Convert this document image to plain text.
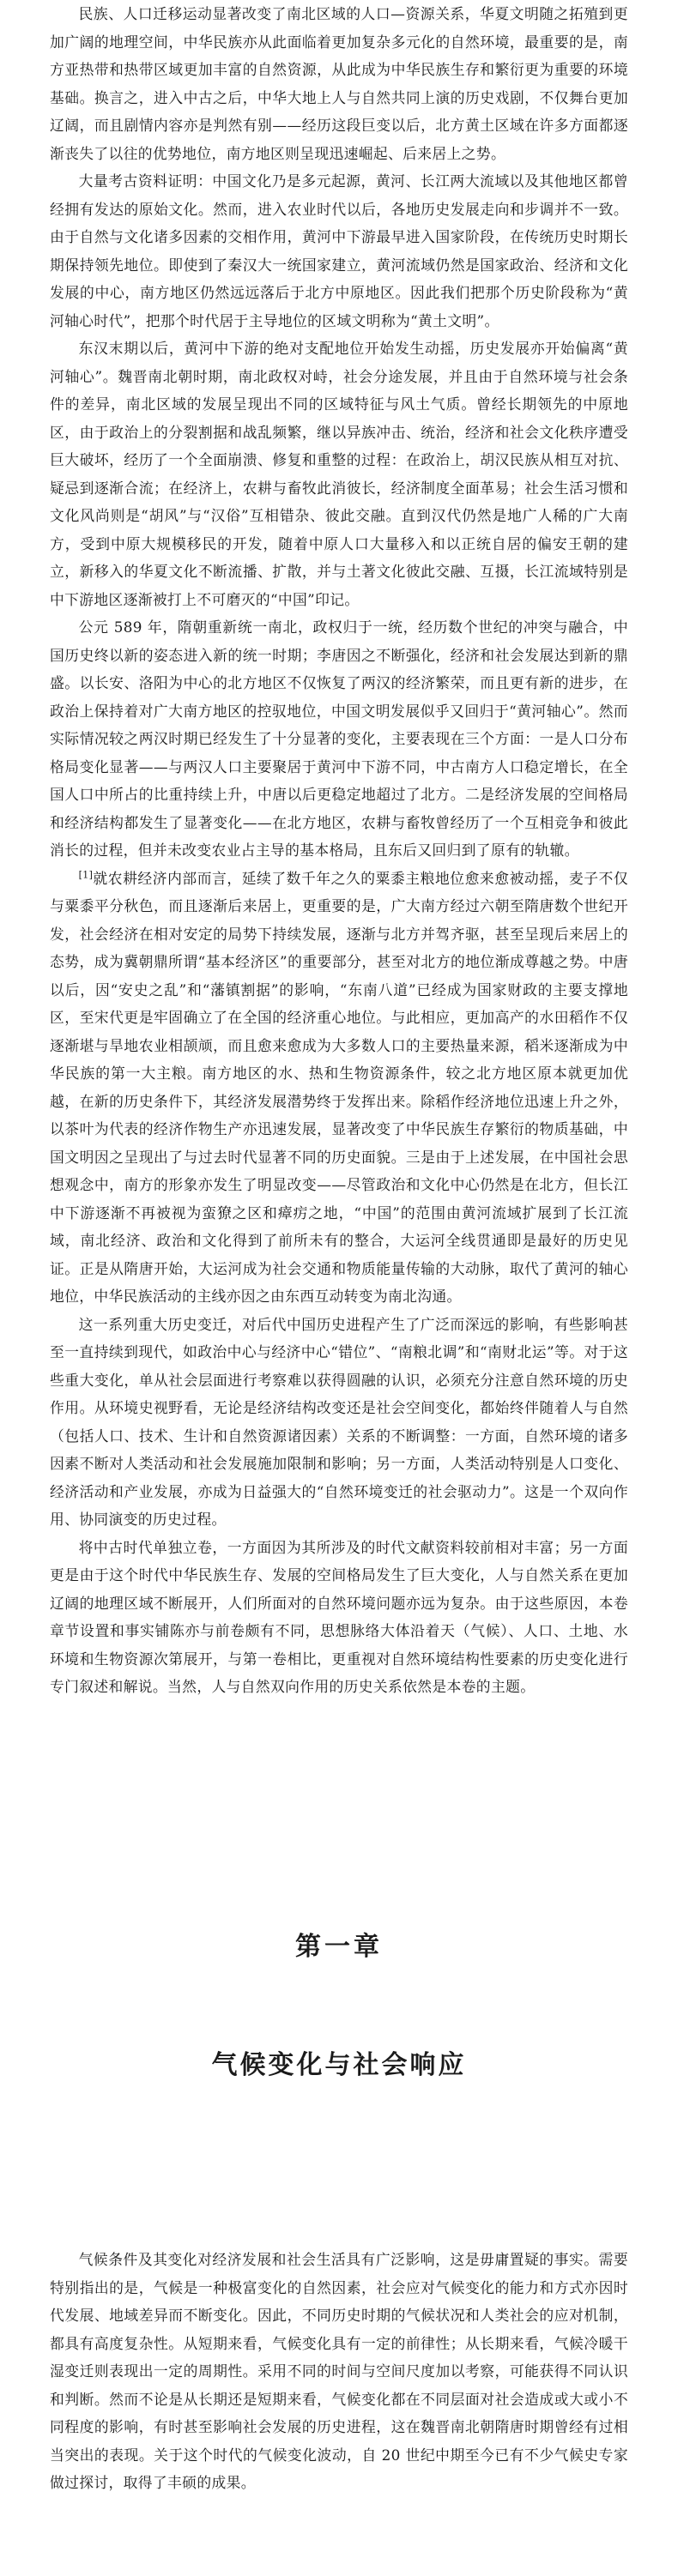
民族、人口迁移运动显著改变了南北区域的人口—资源关系，华夏文明随之拓殖到更加广阔的地理空间，中华民族亦从此面临着更加复杂多元化的自然环境，最重要的是，南方亚热带和热带区域更加丰富的自然资源，从此成为中华民族生存和繁衍更为重要的环境基础。换言之，进入中古之后，中华大地上人与自然共同上演的历史戏剧，不仅舞台更加辽阔，而且剧情内容亦是判然有别——经历这段巨变以后，北方黄土区域在许多方面都逐渐丧失了以往的优势地位，南方地区则呈现迅速崛起、后来居上之势。

大量考古资料证明：中国文化乃是多元起源，黄河、长江两大流域以及其他地区都曾经拥有发达的原始文化。然而，进入农业时代以后，各地历史发展走向和步调并不一致。由于自然与文化诸多因素的交相作用，黄河中下游最早进入国家阶段，在传统历史时期长期保持领先地位。即使到了秦汉大一统国家建立，黄河流域仍然是国家政治、经济和文化发展的中心，南方地区仍然远远落后于北方中原地区。因此我们把那个历史阶段称为“黄河轴心时代”，把那个时代居于主导地位的区域文明称为“黄土文明”。

东汉末期以后，黄河中下游的绝对支配地位开始发生动摇，历史发展亦开始偏离“黄河轴心”。魏晋南北朝时期，南北政权对峙，社会分途发展，并且由于自然环境与社会条件的差异，南北区域的发展呈现出不同的区域特征与风土气质。曾经长期领先的中原地区，由于政治上的分裂割据和战乱频繁，继以异族冲击、统治，经济和社会文化秩序遭受巨大破坏，经历了一个全面崩溃、修复和重整的过程：在政治上，胡汉民族从相互对抗、疑忌到逐渐合流；在经济上，农耕与畜牧此消彼长，经济制度全面革易；社会生活习惯和文化风尚则是“胡风”与“汉俗”互相错杂、彼此交融。直到汉代仍然是地广人稀的广大南方，受到中原大规模移民的开发，随着中原人口大量移入和以正统自居的偏安王朝的建立，新移入的华夏文化不断流播、扩散，并与土著文化彼此交融、互摄，长江流域特别是中下游地区逐渐被打上不可磨灭的“中国”印记。

公元 589 年，隋朝重新统一南北，政权归于一统，经历数个世纪的冲突与融合，中国历史终以新的姿态进入新的统一时期；李唐因之不断强化，经济和社会发展达到新的鼎盛。以长安、洛阳为中心的北方地区不仅恢复了两汉的经济繁荣，而且更有新的进步，在政治上保持着对广大南方地区的控驭地位，中国文明发展似乎又回归于“黄河轴心”。然而实际情况较之两汉时期已经发生了十分显著的变化，主要表现在三个方面：一是人口分布格局变化显著——与两汉人口主要聚居于黄河中下游不同，中古南方人口稳定增长，在全国人口中所占的比重持续上升，中唐以后更稳定地超过了北方。二是经济发展的空间格局和经济结构都发生了显著变化——在北方地区，农耕与畜牧曾经历了一个互相竞争和彼此消长的过程，但并未改变农业占主导的基本格局，且东后又回归到了原有的轨辙。

[1]就农耕经济内部而言，延续了数千年之久的粟黍主粮地位愈来愈被动摇，麦子不仅与粟黍平分秋色，而且逐渐后来居上，更重要的是，广大南方经过六朝至隋唐数个世纪开发，社会经济在相对安定的局势下持续发展，逐渐与北方并驾齐驱，甚至呈现后来居上的态势，成为冀朝鼎所谓“基本经济区”的重要部分，甚至对北方的地位渐成尊越之势。中唐以后，因“安史之乱”和“藩镇割据”的影响，“东南八道”已经成为国家财政的主要支撑地区，至宋代更是牢固确立了在全国的经济重心地位。与此相应，更加高产的水田稻作不仅逐渐堪与旱地农业相颉颃，而且愈来愈成为大多数人口的主要热量来源，稻米逐渐成为中华民族的第一大主粮。南方地区的水、热和生物资源条件，较之北方地区原本就更加优越，在新的历史条件下，其经济发展潜势终于发挥出来。除稻作经济地位迅速上升之外，以茶叶为代表的经济作物生产亦迅速发展，显著改变了中华民族生存繁衍的物质基础，中国文明因之呈现出了与过去时代显著不同的历史面貌。三是由于上述发展，在中国社会思想观念中，南方的形象亦发生了明显改变——尽管政治和文化中心仍然是在北方，但长江中下游逐渐不再被视为蛮獠之区和瘴疠之地，“中国”的范围由黄河流域扩展到了长江流域，南北经济、政治和文化得到了前所未有的整合，大运河全线贯通即是最好的历史见证。正是从隋唐开始，大运河成为社会交通和物质能量传输的大动脉，取代了黄河的轴心地位，中华民族活动的主线亦因之由东西互动转变为南北沟通。

这一系列重大历史变迁，对后代中国历史进程产生了广泛而深远的影响，有些影响甚至一直持续到现代，如政治中心与经济中心“错位”、“南粮北调”和“南财北运”等。对于这些重大变化，单从社会层面进行考察难以获得圆融的认识，必须充分注意自然环境的历史作用。从环境史视野看，无论是经济结构改变还是社会空间变化，都始终伴随着人与自然（包括人口、技术、生计和自然资源诸因素）关系的不断调整：一方面，自然环境的诸多因素不断对人类活动和社会发展施加限制和影响；另一方面，人类活动特别是人口变化、经济活动和产业发展，亦成为日益强大的“自然环境变迁的社会驱动力”。这是一个双向作用、协同演变的历史过程。

将中古时代单独立卷，一方面因为其所涉及的时代文献资料较前相对丰富；另一方面更是由于这个时代中华民族生存、发展的空间格局发生了巨大变化，人与自然关系在更加辽阔的地理区域不断展开，人们所面对的自然环境问题亦远为复杂。由于这些原因，本卷章节设置和事实铺陈亦与前卷颇有不同，思想脉络大体沿着天（气候）、人口、土地、水环境和生物资源次第展开，与第一卷相比，更重视对自然环境结构性要素的历史变化进行专门叙述和解说。当然，人与自然双向作用的历史关系依然是本卷的主题。

第一章
气候变化与社会响应

气候条件及其变化对经济发展和社会生活具有广泛影响，这是毋庸置疑的事实。需要特别指出的是，气候是一种极富变化的自然因素，社会应对气候变化的能力和方式亦因时代发展、地域差异而不断变化。因此，不同历史时期的气候状况和人类社会的应对机制，都具有高度复杂性。从短期来看，气候变化具有一定的前律性；从长期来看，气候冷暖干湿变迁则表现出一定的周期性。采用不同的时间与空间尺度加以考察，可能获得不同认识和判断。然而不论是从长期还是短期来看，气候变化都在不同层面对社会造成或大或小不同程度的影响，有时甚至影响社会发展的历史进程，这在魏晋南北朝隋唐时期曾经有过相当突出的表现。关于这个时代的气候变化波动，自 20 世纪中期至今已有不少气候史专家做过探讨，取得了丰硕的成果。
